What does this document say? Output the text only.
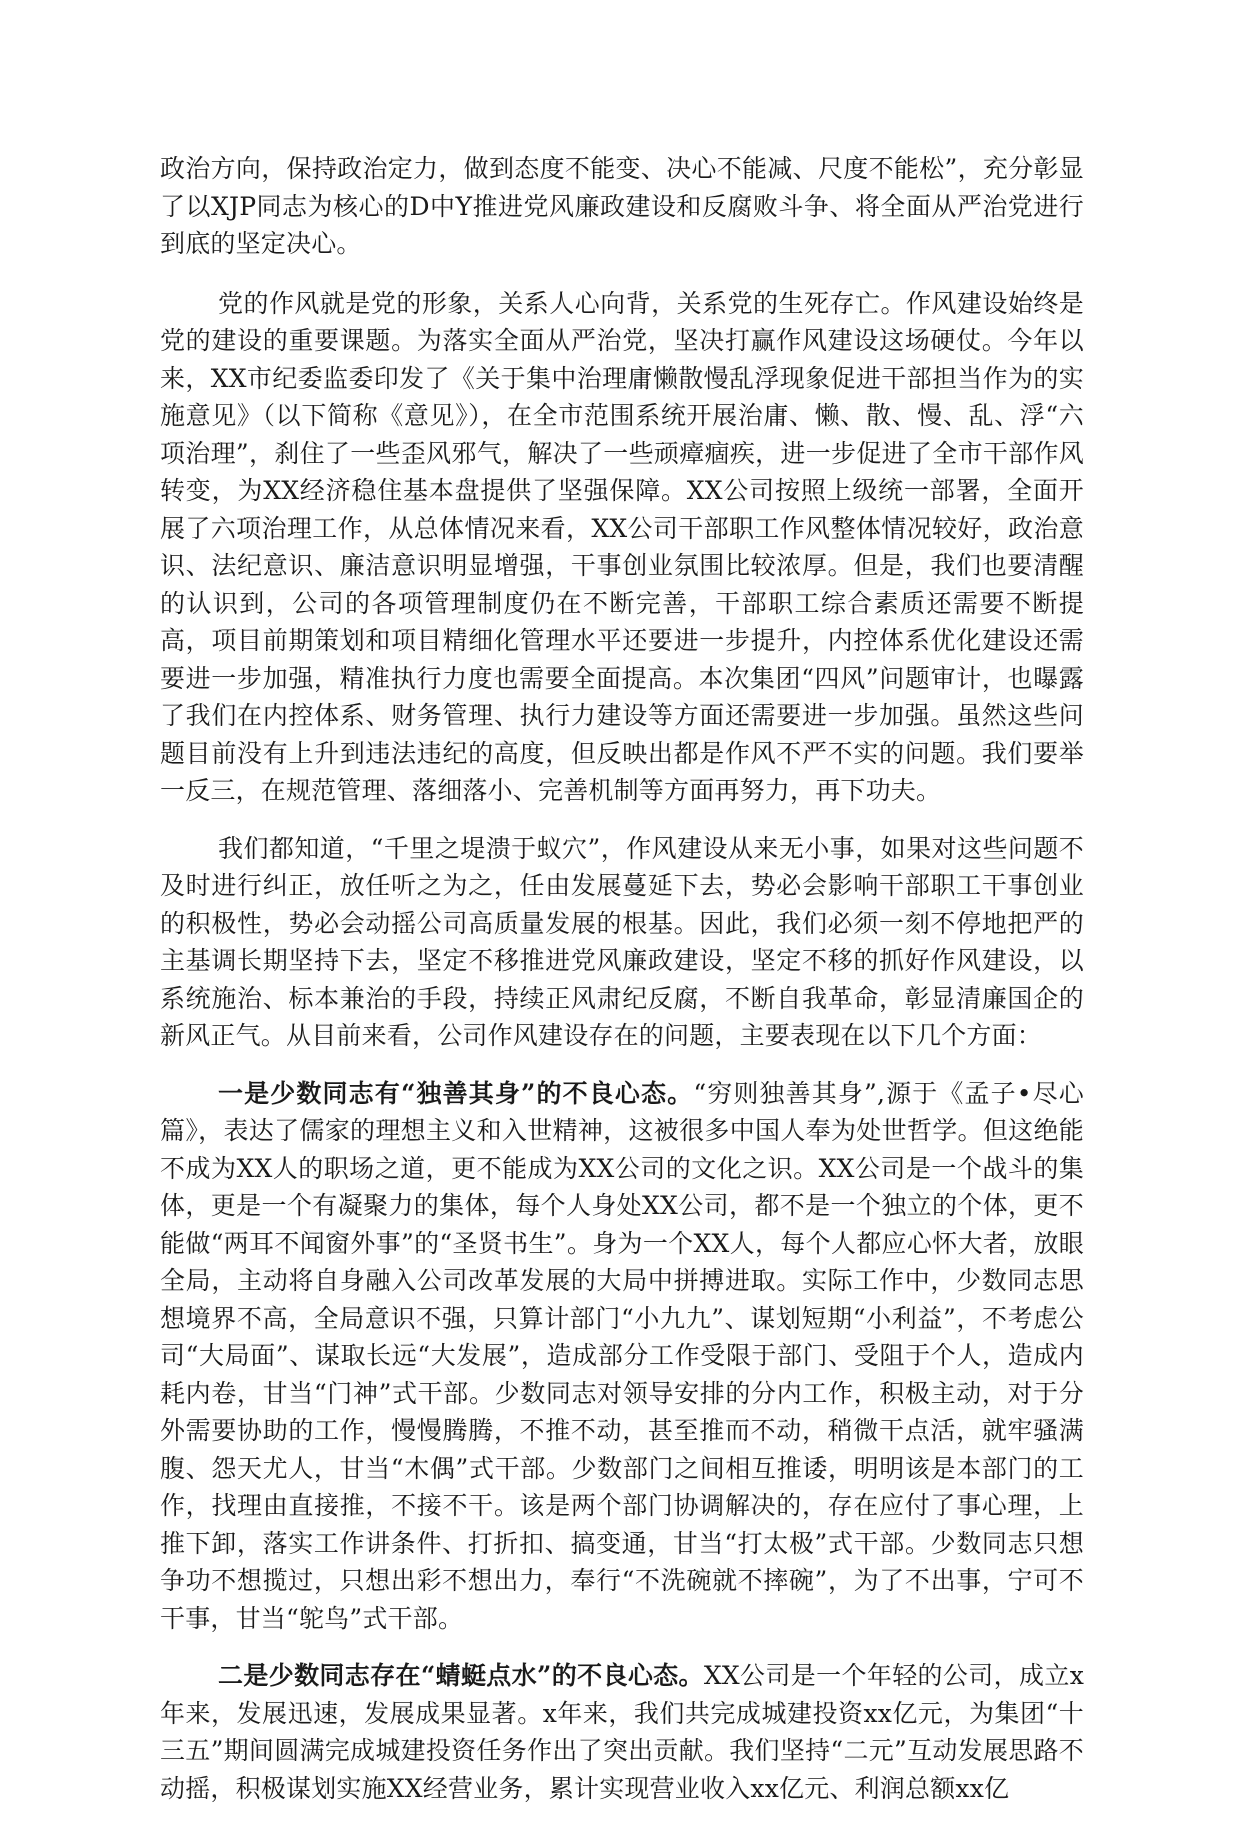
政治方向，保持政治定力，做到态度不能变、决心不能减、尺度不能松”，充分彰显了以XJP同志为核心的D中Y推进党风廉政建设和反腐败斗争、将全面从严治党进行到底的坚定决心。

党的作风就是党的形象，关系人心向背，关系党的生死存亡。作风建设始终是党的建设的重要课题。为落实全面从严治党，坚决打赢作风建设这场硬仗。今年以来，XX市纪委监委印发了《关于集中治理庸懒散慢乱浮现象促进干部担当作为的实施意见》（以下简称《意见》），在全市范围系统开展治庸、懒、散、慢、乱、浮“六项治理”，刹住了一些歪风邪气，解决了一些顽瘴痼疾，进一步促进了全市干部作风转变，为XX经济稳住基本盘提供了坚强保障。XX公司按照上级统一部署，全面开展了六项治理工作，从总体情况来看，XX公司干部职工作风整体情况较好，政治意识、法纪意识、廉洁意识明显增强，干事创业氛围比较浓厚。但是，我们也要清醒的认识到，公司的各项管理制度仍在不断完善，干部职工综合素质还需要不断提高，项目前期策划和项目精细化管理水平还要进一步提升，内控体系优化建设还需要进一步加强，精准执行力度也需要全面提高。本次集团“四风”问题审计，也曝露了我们在内控体系、财务管理、执行力建设等方面还需要进一步加强。虽然这些问题目前没有上升到违法违纪的高度，但反映出都是作风不严不实的问题。我们要举一反三，在规范管理、落细落小、完善机制等方面再努力，再下功夫。

我们都知道，“千里之堤溃于蚁穴”，作风建设从来无小事，如果对这些问题不及时进行纠正，放任听之为之，任由发展蔓延下去，势必会影响干部职工干事创业的积极性，势必会动摇公司高质量发展的根基。因此，我们必须一刻不停地把严的主基调长期坚持下去，坚定不移推进党风廉政建设，坚定不移的抓好作风建设，以系统施治、标本兼治的手段，持续正风肃纪反腐，不断自我革命，彰显清廉国企的新风正气。从目前来看，公司作风建设存在的问题，主要表现在以下几个方面：

一是少数同志有“独善其身”的不良心态。“穷则独善其身”,源于《孟子•尽心篇》，表达了儒家的理想主义和入世精神，这被很多中国人奉为处世哲学。但这绝能不成为XX人的职场之道，更不能成为XX公司的文化之识。XX公司是一个战斗的集体，更是一个有凝聚力的集体，每个人身处XX公司，都不是一个独立的个体，更不能做“两耳不闻窗外事”的“圣贤书生”。身为一个XX人，每个人都应心怀大者，放眼全局，主动将自身融入公司改革发展的大局中拼搏进取。实际工作中，少数同志思想境界不高，全局意识不强，只算计部门“小九九”、谋划短期“小利益”，不考虑公司“大局面”、谋取长远“大发展”，造成部分工作受限于部门、受阻于个人，造成内耗内卷，甘当“门神”式干部。少数同志对领导安排的分内工作，积极主动，对于分外需要协助的工作，慢慢腾腾，不推不动，甚至推而不动，稍微干点活，就牢骚满腹、怨天尤人，甘当“木偶”式干部。少数部门之间相互推诿，明明该是本部门的工作，找理由直接推，不接不干。该是两个部门协调解决的，存在应付了事心理，上推下卸，落实工作讲条件、打折扣、搞变通，甘当“打太极”式干部。少数同志只想争功不想揽过，只想出彩不想出力，奉行“不洗碗就不摔碗”，为了不出事，宁可不干事，甘当“鸵鸟”式干部。

二是少数同志存在“蜻蜓点水”的不良心态。XX公司是一个年轻的公司，成立x年来，发展迅速，发展成果显著。x年来，我们共完成城建投资xx亿元，为集团“十三五”期间圆满完成城建投资任务作出了突出贡献。我们坚持“二元”互动发展思路不动摇，积极谋划实施XX经营业务，累计实现营业收入xx亿元、利润总额xx亿
